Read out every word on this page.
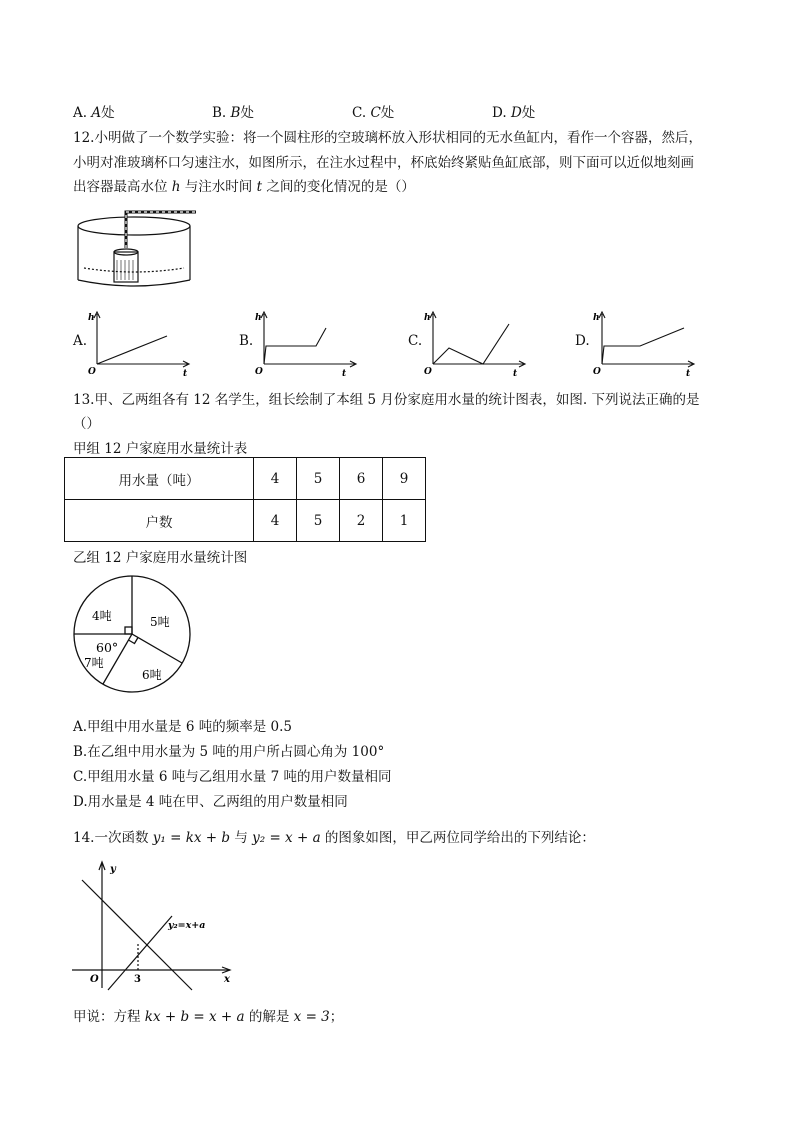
A. A处	B. B处	C. C处	D. D处
12.小明做了一个数学实验：将一个圆柱形的空玻璃杯放入形状相同的无水鱼缸内，看作一个容器，然后，
小明对准玻璃杯口匀速注水，如图所示，在注水过程中，杯底始终紧贴鱼缸底部，则下面可以近似地刻画
出容器最高水位 h 与注水时间 t 之间的变化情况的是（）
A.
h
t
O
B.
h
t
O
C.
h
t
O
D.
h
t
O
13.甲、乙两组各有 12 名学生，组长绘制了本组 5 月份家庭用水量的统计图表，如图. 下列说法正确的是
（）
甲组 12 户家庭用水量统计表
用水量（吨）	4	5	6	9
户数	4	5	2	1
乙组 12 户家庭用水量统计图
4吨	5吨
6吨
7吨
60°
A.甲组中用水量是 6 吨的频率是 0.5
B.在乙组中用水量为 5 吨的用户所占圆心角为 100°
C.甲组用水量 6 吨与乙组用水量 7 吨的用户数量相同
D.用水量是 4 吨在甲、乙两组的用户数量相同
14.一次函数 y₁ = kx + b 与 y₂ = x + a 的图象如图，甲乙两位同学给出的下列结论：
y
x
O	3
y₂=x+a
甲说：方程 kx + b = x + a 的解是 x = 3；
